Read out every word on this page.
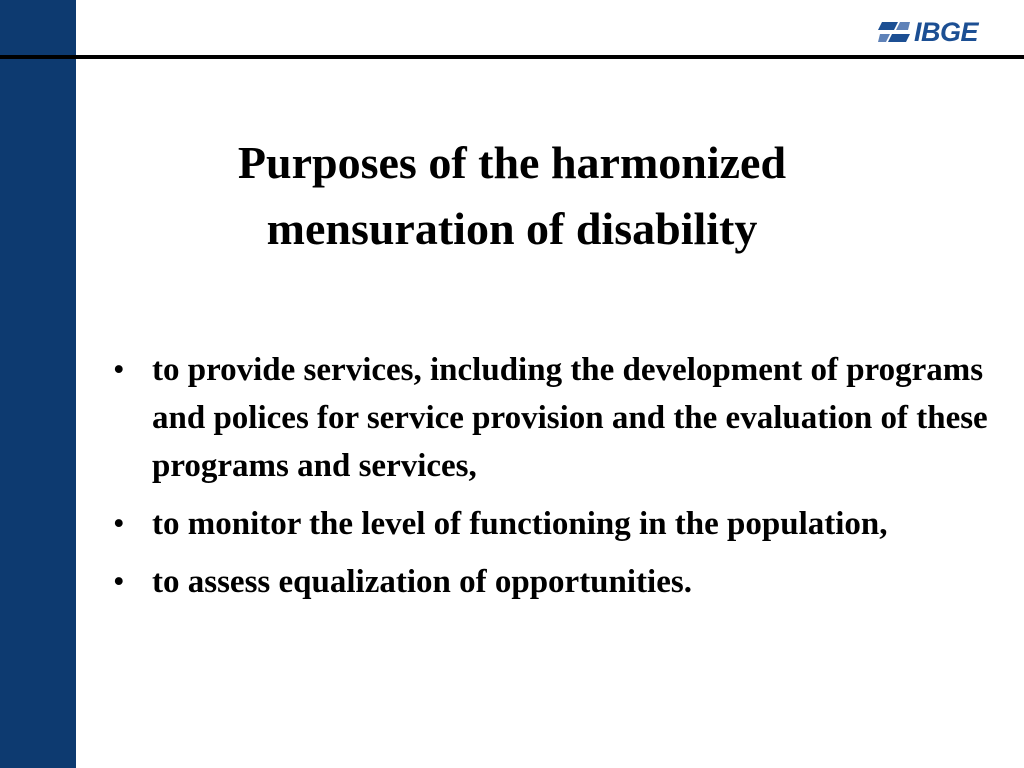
IBGE
Purposes of the harmonized
mensuration of disability
• to provide services, including the development of programs and polices for service provision and the evaluation of these programs and services,
• to monitor the level of functioning in the population,
• to assess equalization of opportunities.
